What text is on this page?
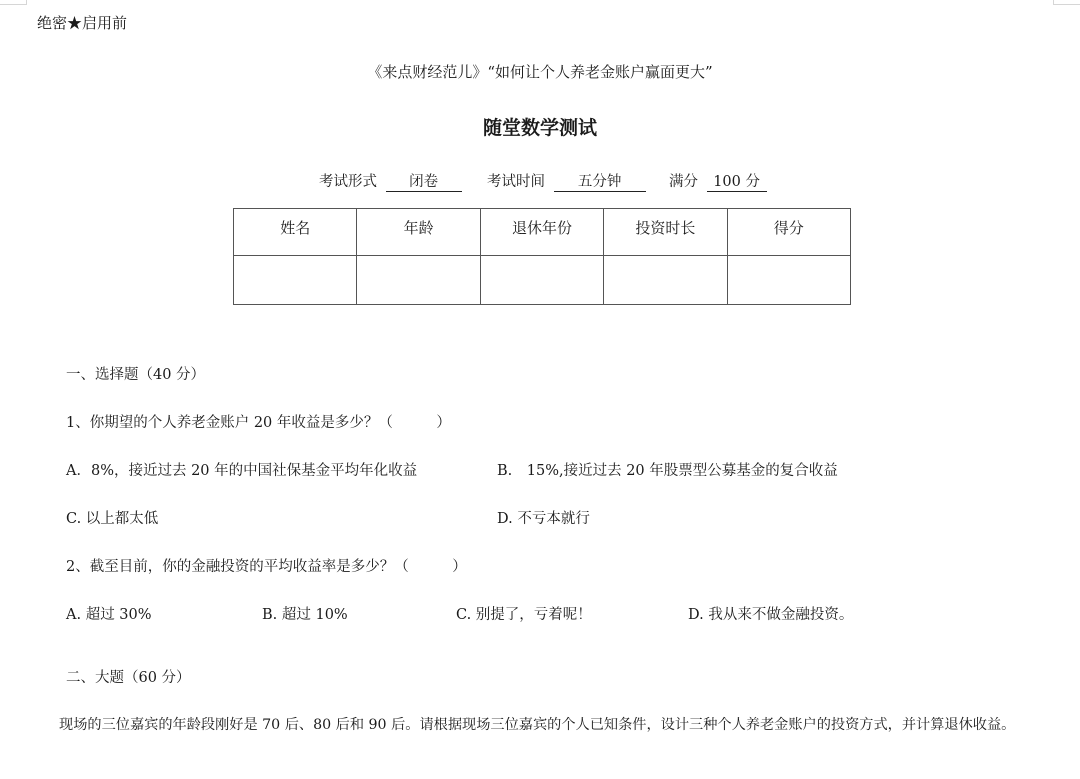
绝密★启用前
《来点财经范儿》“如何让个人养老金账户赢面更大”
随堂数学测试
考试形式 闭卷	考试时间 五分钟	满分 100 分
姓名	年龄	退休年份	投资时长	得分

一、选择题（40 分）
1、你期望的个人养老金账户 20 年收益是多少？（　　　）
A．8%，接近过去 20 年的中国社保基金平均年化收益	B.　15%,接近过去 20 年股票型公募基金的复合收益
C. 以上都太低	D. 不亏本就行
2、截至目前，你的金融投资的平均收益率是多少？（　　　）
A. 超过 30%	B. 超过 10%	C. 别提了，亏着呢！	D. 我从来不做金融投资。
二、大题（60 分）
现场的三位嘉宾的年龄段刚好是 70 后、80 后和 90 后。请根据现场三位嘉宾的个人已知条件，设计三种个人养老金账户的投资方式，并计算退休收益。
